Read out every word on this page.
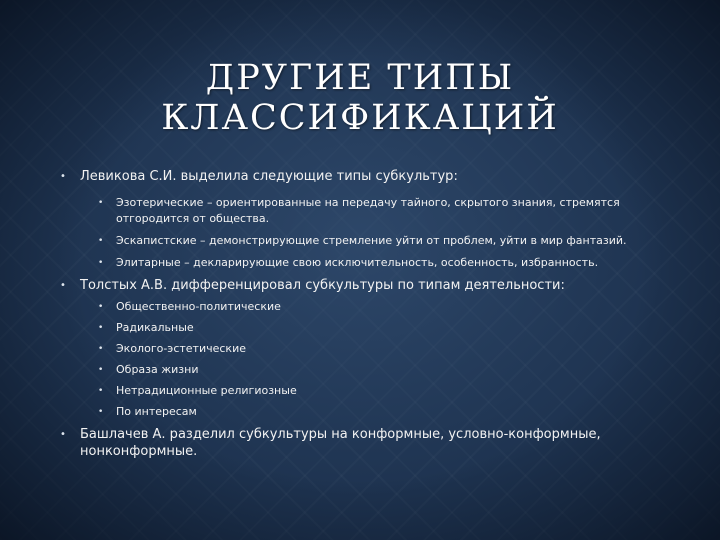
ДРУГИЕ ТИПЫ
КЛАССИФИКАЦИЙ
• Левикова С.И. выделила следующие типы субкультур:
• Эзотерические – ориентированные на передачу тайного, скрытого знания, стремятся отгородится от общества.
• Эскапистские – демонстрирующие стремление уйти от проблем, уйти в мир фантазий.
• Элитарные – декларирующие свою исключительность, особенность, избранность.
• Толстых А.В. дифференцировал субкультуры по типам деятельности:
• Общественно-политические
• Радикальные
• Эколого-эстетические
• Образа жизни
• Нетрадиционные религиозные
• По интересам
• Башлачев А. разделил субкультуры на конформные, условно-конформные, нонконформные.
